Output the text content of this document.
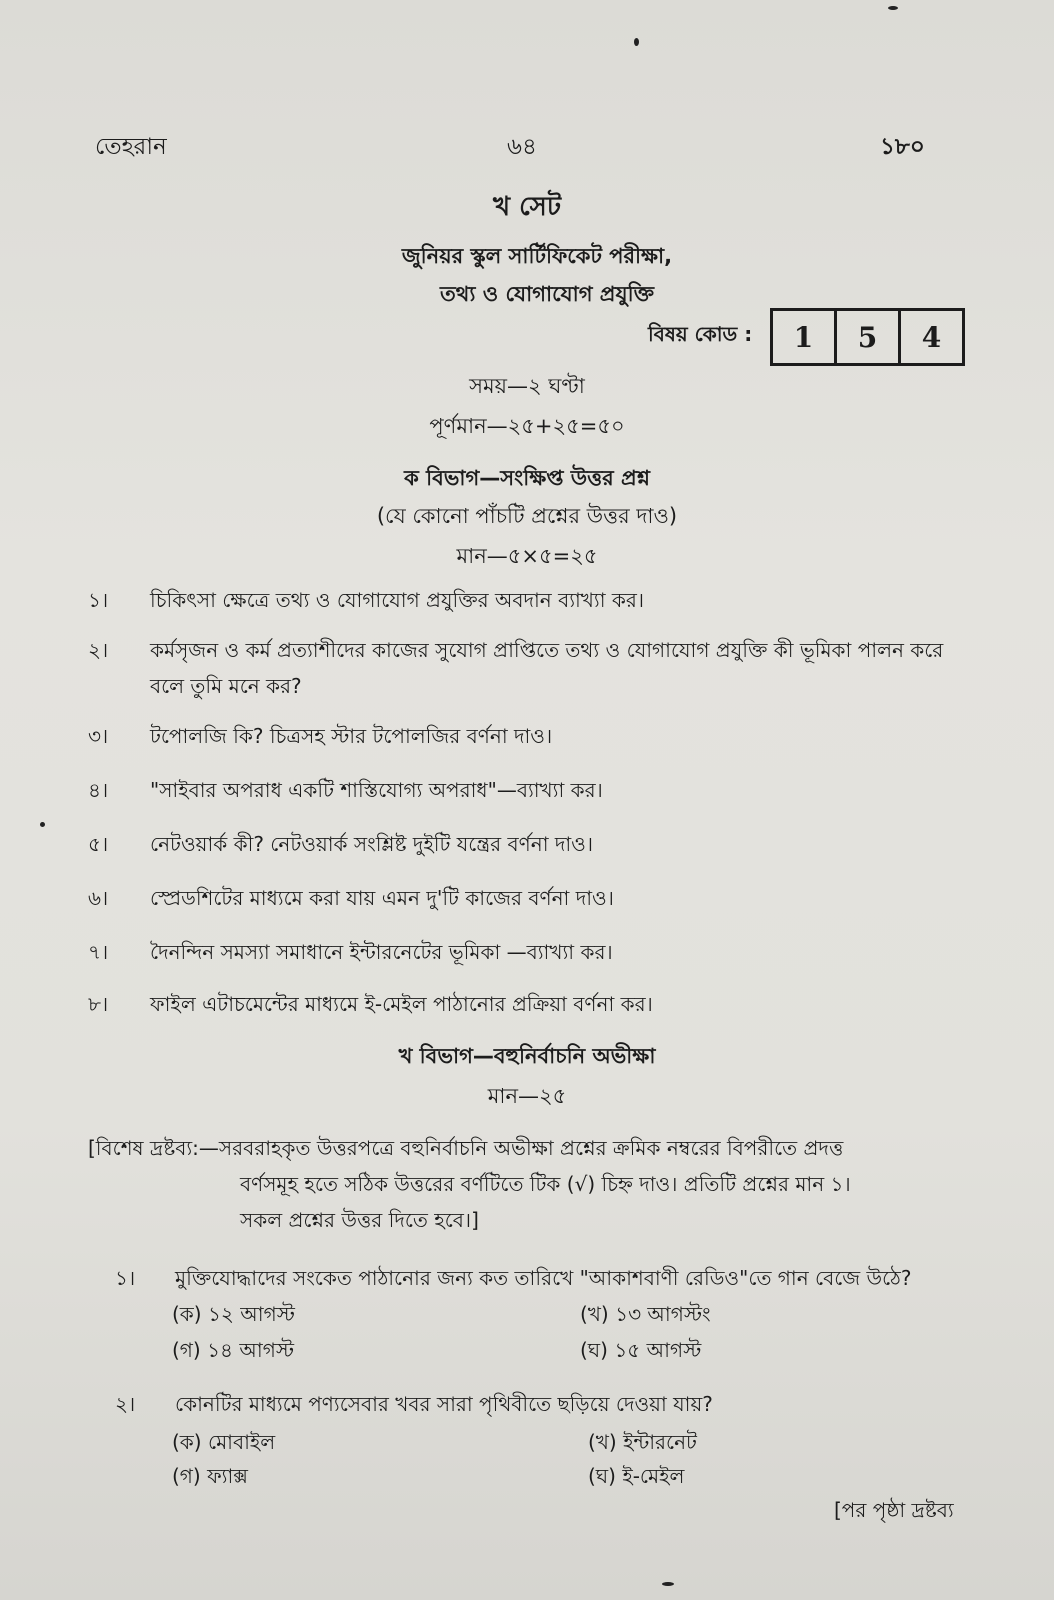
তেহরান	৬৪	১৮০
খ সেট
জুনিয়র স্কুল সার্টিফিকেট পরীক্ষা,
তথ্য ও যোগাযোগ প্রযুক্তি
বিষয় কোড :	1	5	4
সময়—২ ঘণ্টা
পূর্ণমান—২৫+২৫=৫০
ক বিভাগ—সংক্ষিপ্ত উত্তর প্রশ্ন
(যে কোনো পাঁচটি প্রশ্নের উত্তর দাও)
মান—৫×৫=২৫
১।	চিকিৎসা ক্ষেত্রে তথ্য ও যোগাযোগ প্রযুক্তির অবদান ব্যাখ্যা কর।
২।	কর্মসৃজন ও কর্ম প্রত্যাশীদের কাজের সুযোগ প্রাপ্তিতে তথ্য ও যোগাযোগ প্রযুক্তি কী ভূমিকা পালন করে বলে তুমি মনে কর?
৩।	টপোলজি কি? চিত্রসহ স্টার টপোলজির বর্ণনা দাও।
৪।	"সাইবার অপরাধ একটি শাস্তিযোগ্য অপরাধ"—ব্যাখ্যা কর।
৫।	নেটওয়ার্ক কী? নেটওয়ার্ক সংশ্লিষ্ট দুইটি যন্ত্রের বর্ণনা দাও।
৬।	স্প্রেডশিটের মাধ্যমে করা যায় এমন দু'টি কাজের বর্ণনা দাও।
৭।	দৈনন্দিন সমস্যা সমাধানে ইন্টারনেটের ভূমিকা —ব্যাখ্যা কর।
৮।	ফাইল এটাচমেন্টের মাধ্যমে ই-মেইল পাঠানোর প্রক্রিয়া বর্ণনা কর।
খ বিভাগ—বহুনির্বাচনি অভীক্ষা
মান—২৫
[বিশেষ দ্রষ্টব্য:—সরবরাহকৃত উত্তরপত্রে বহুনির্বাচনি অভীক্ষা প্রশ্নের ক্রমিক নম্বরের বিপরীতে প্রদত্ত
বর্ণসমূহ হতে সঠিক উত্তরের বর্ণটিতে টিক (√) চিহ্ন দাও। প্রতিটি প্রশ্নের মান ১।
সকল প্রশ্নের উত্তর দিতে হবে।]
১। মুক্তিযোদ্ধাদের সংকেত পাঠানোর জন্য কত তারিখে "আকাশবাণী রেডিও"তে গান বেজে উঠে?
(ক) ১২ আগস্ট	(খ) ১৩ আগস্টং
(গ) ১৪ আগস্ট	(ঘ) ১৫ আগস্ট
২। কোনটির মাধ্যমে পণ্যসেবার খবর সারা পৃথিবীতে ছড়িয়ে দেওয়া যায়?
(ক) মোবাইল	(খ) ইন্টারনেট
(গ) ফ্যাক্স	(ঘ) ই-মেইল
[পর পৃষ্ঠা দ্রষ্টব্য
